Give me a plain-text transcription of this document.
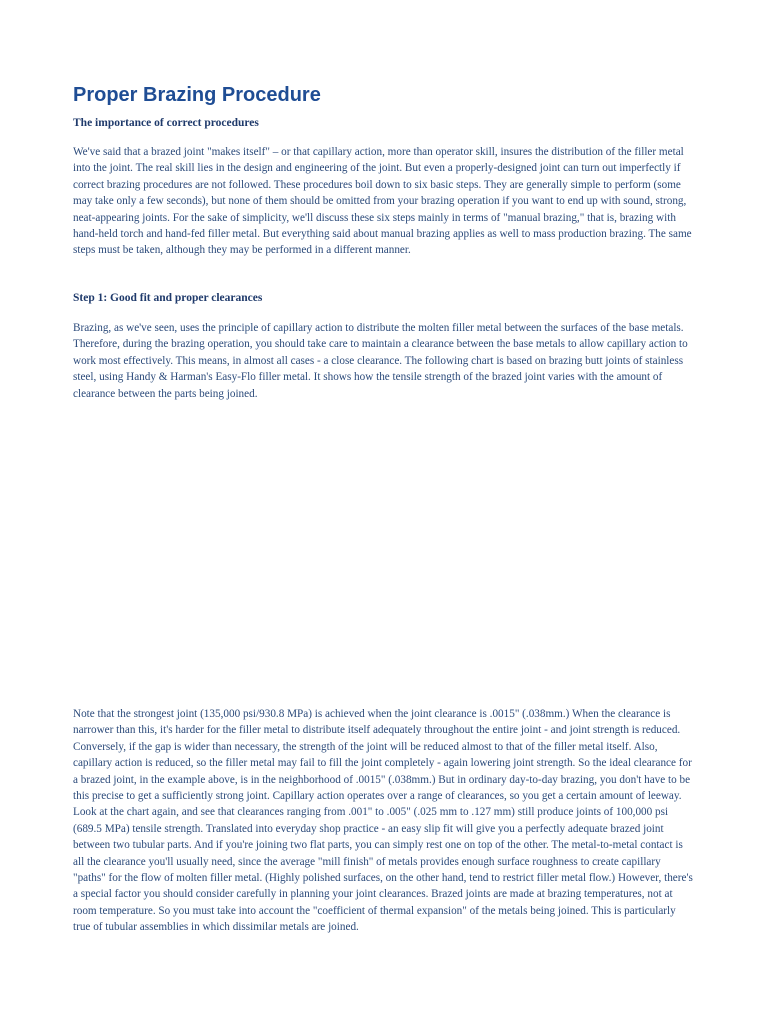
Proper Brazing Procedure
The importance of correct procedures

We've said that a brazed joint "makes itself" – or that capillary action, more than operator skill, insures the distribution of the filler metal into the joint. The real skill lies in the design and engineering of the joint. But even a properly-designed joint can turn out imperfectly if correct brazing procedures are not followed. These procedures boil down to six basic steps. They are generally simple to perform (some may take only a few seconds), but none of them should be omitted from your brazing operation if you want to end up with sound, strong, neat-appearing joints. For the sake of simplicity, we'll discuss these six steps mainly in terms of "manual brazing," that is, brazing with hand-held torch and hand-fed filler metal. But everything said about manual brazing applies as well to mass production brazing. The same steps must be taken, although they may be performed in a different manner.

Step 1: Good fit and proper clearances

Brazing, as we've seen, uses the principle of capillary action to distribute the molten filler metal between the surfaces of the base metals. Therefore, during the brazing operation, you should take care to maintain a clearance between the base metals to allow capillary action to work most effectively. This means, in almost all cases - a close clearance. The following chart is based on brazing butt joints of stainless steel, using Handy & Harman's Easy-Flo filler metal. It shows how the tensile strength of the brazed joint varies with the amount of clearance between the parts being joined.

Note that the strongest joint (135,000 psi/930.8 MPa) is achieved when the joint clearance is .0015" (.038mm.) When the clearance is narrower than this, it's harder for the filler metal to distribute itself adequately throughout the entire joint - and joint strength is reduced. Conversely, if the gap is wider than necessary, the strength of the joint will be reduced almost to that of the filler metal itself. Also, capillary action is reduced, so the filler metal may fail to fill the joint completely - again lowering joint strength. So the ideal clearance for a brazed joint, in the example above, is in the neighborhood of .0015" (.038mm.) But in ordinary day-to-day brazing, you don't have to be this precise to get a sufficiently strong joint. Capillary action operates over a range of clearances, so you get a certain amount of leeway. Look at the chart again, and see that clearances ranging from .001" to .005" (.025 mm to .127 mm) still produce joints of 100,000 psi (689.5 MPa) tensile strength. Translated into everyday shop practice - an easy slip fit will give you a perfectly adequate brazed joint between two tubular parts. And if you're joining two flat parts, you can simply rest one on top of the other. The metal-to-metal contact is all the clearance you'll usually need, since the average "mill finish" of metals provides enough surface roughness to create capillary "paths" for the flow of molten filler metal. (Highly polished surfaces, on the other hand, tend to restrict filler metal flow.) However, there's a special factor you should consider carefully in planning your joint clearances. Brazed joints are made at brazing temperatures, not at room temperature. So you must take into account the "coefficient of thermal expansion" of the metals being joined. This is particularly true of tubular assemblies in which dissimilar metals are joined.
